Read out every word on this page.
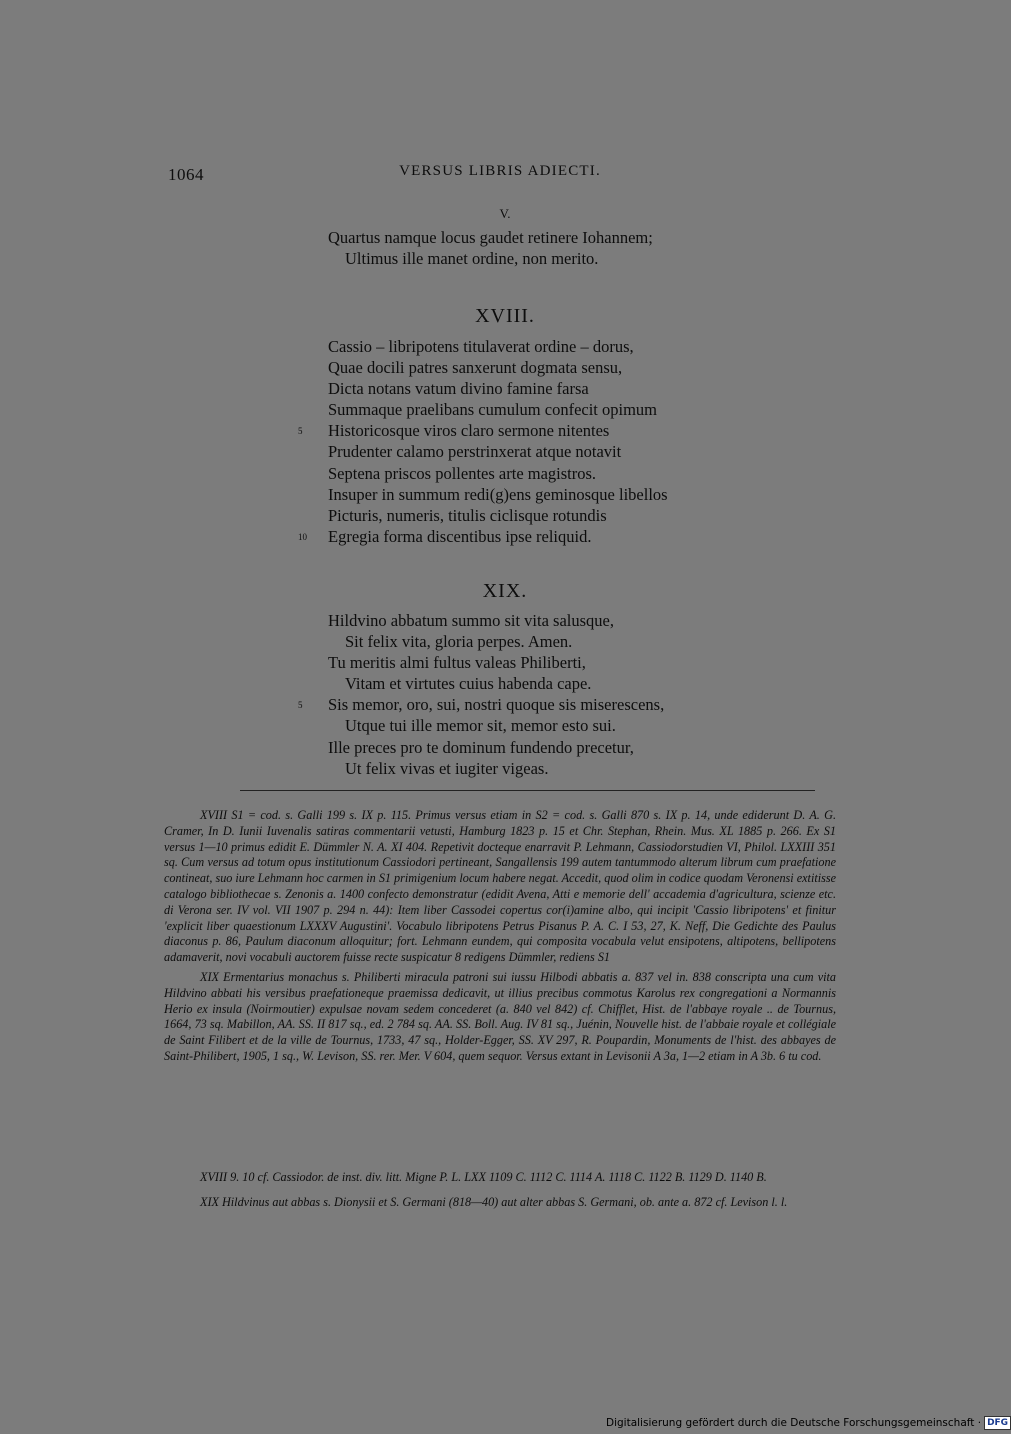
1064	VERSUS LIBRIS ADIECTI.
V.
Quartus namque locus gaudet retinere Iohannem;
Ultimus ille manet ordine, non merito.
XVIII.
Cassio – libripotens titulaverat ordine – dorus,
Quae docili patres sanxerunt dogmata sensu,
Dicta notans vatum divino famine farsa
Summaque praelibans cumulum confecit opimum
5 Historicosque viros claro sermone nitentes
Prudenter calamo perstrinxerat atque notavit
Septena priscos pollentes arte magistros.
Insuper in summum redi(g)ens geminosque libellos
Picturis, numeris, titulis ciclisque rotundis
10 Egregia forma discentibus ipse reliquid.
XIX.
Hildvino abbatum summo sit vita salusque,
Sit felix vita, gloria perpes. Amen.
Tu meritis almi fultus valeas Philiberti,
Vitam et virtutes cuius habenda cape.
5 Sis memor, oro, sui, nostri quoque sis miserescens,
Utque tui ille memor sit, memor esto sui.
Ille preces pro te dominum fundendo precetur,
Ut felix vivas et iugiter vigeas.

XVIII S1 = cod. s. Galli 199 s. IX p. 115. Primus versus etiam in S2 = cod. s. Galli 870 s. IX p. 14, unde ediderunt D. A. G. Cramer, In D. Iunii Iuvenalis satiras commentarii vetusti, Hamburg 1823 p. 15 et Chr. Stephan, Rhein. Mus. XL 1885 p. 266. Ex S1 versus 1—10 primus edidit E. Dümmler N. A. XI 404. Repetivit docteque enarravit P. Lehmann, Cassiodorstudien VI, Philol. LXXIII 351 sq. Cum versus ad totum opus institutionum Cassiodori pertineant, Sangallensis 199 autem tantummodo alterum librum cum praefatione contineat, suo iure Lehmann hoc carmen in S1 primigenium locum habere negat. Accedit, quod olim in codice quodam Veronensi extitisse catalogo bibliothecae s. Zenonis a. 1400 confecto demonstratur (edidit Avena, Atti e memorie dell' accademia d'agricultura, scienze etc. di Verona ser. IV vol. VII 1907 p. 294 n. 44): Item liber Cassodei copertus cor(i)amine albo, qui incipit 'Cassio libripotens' et finitur 'explicit liber quaestionum LXXXV Augustini'. Vocabulo libripotens Petrus Pisanus P. A. C. I 53, 27, K. Neff, Die Gedichte des Paulus diaconus p. 86, Paulum diaconum alloquitur; fort. Lehmann eundem, qui composita vocabula velut ensipotens, altipotens, bellipotens adamaverit, novi vocabuli auctorem fuisse recte suspicatur 8 redigens Dümmler, rediens S1

XIX Ermentarius monachus s. Philiberti miracula patroni sui iussu Hilbodi abbatis a. 837 vel in. 838 conscripta una cum vita Hildvino abbati his versibus praefationeque praemissa dedicavit, ut illius precibus commotus Karolus rex congregationi a Normannis Herio ex insula (Noirmoutier) expulsae novam sedem concederet (a. 840 vel 842) cf. Chifflet, Hist. de l'abbaye royale .. de Tournus, 1664, 73 sq. Mabillon, AA. SS. II 817 sq., ed. 2 784 sq. AA. SS. Boll. Aug. IV 81 sq., Juénin, Nouvelle hist. de l'abbaie royale et collégiale de Saint Filibert et de la ville de Tournus, 1733, 47 sq., Holder-Egger, SS. XV 297, R. Poupardin, Monuments de l'hist. des abbayes de Saint-Philibert, 1905, 1 sq., W. Levison, SS. rer. Mer. V 604, quem sequor. Versus extant in Levisonii A 3a, 1—2 etiam in A 3b. 6 tu cod.

XVIII 9. 10 cf. Cassiodor. de inst. div. litt. Migne P. L. LXX 1109 C. 1112 C. 1114 A. 1118 C. 1122 B. 1129 D. 1140 B.

XIX Hildvinus aut abbas s. Dionysii et S. Germani (818—40) aut alter abbas S. Germani, ob. ante a. 872 cf. Levison l. l.

Digitalisierung gefördert durch die Deutsche Forschungsgemeinschaft · DFG
